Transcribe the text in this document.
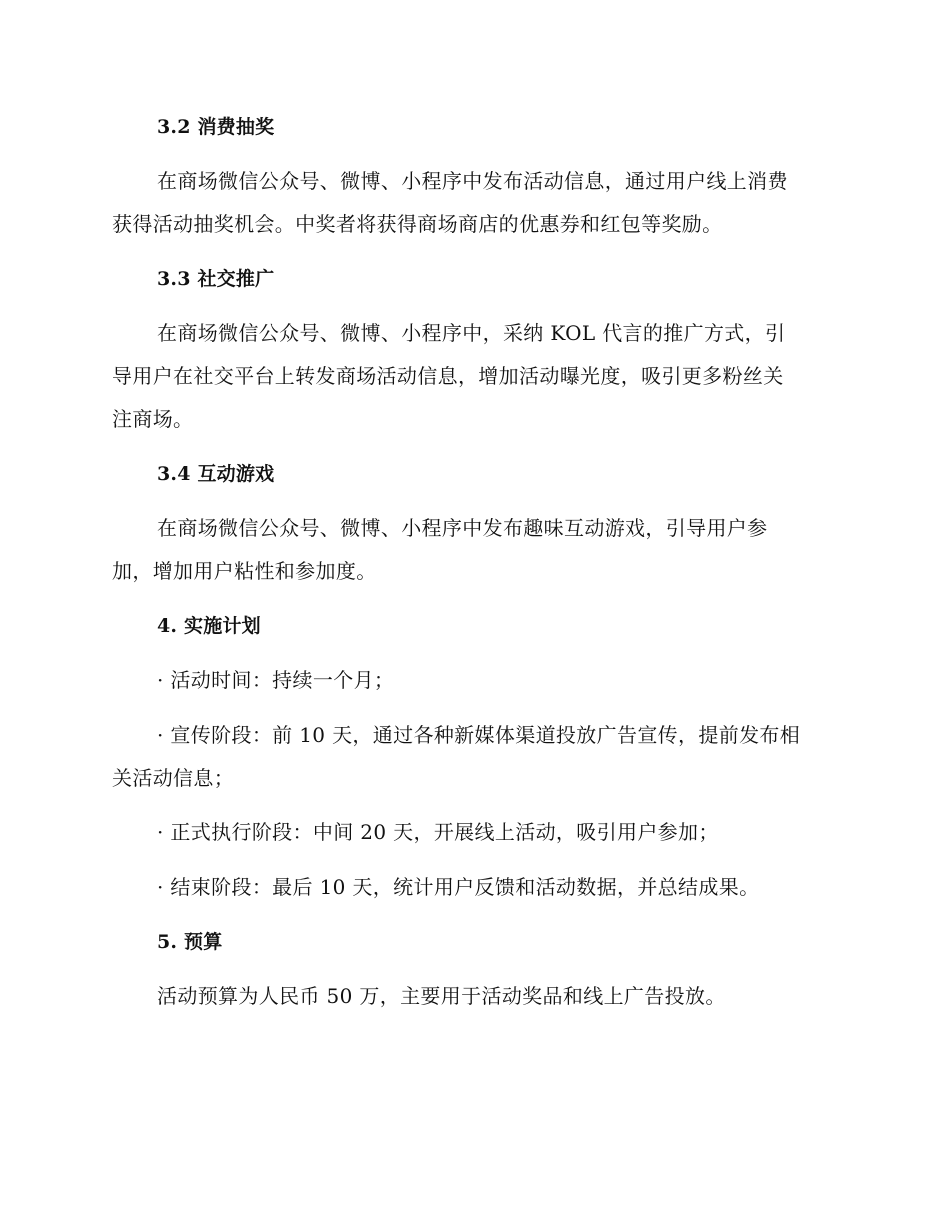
3.2 消费抽奖
在商场微信公众号、微博、小程序中发布活动信息，通过用户线上消费
获得活动抽奖机会。中奖者将获得商场商店的优惠券和红包等奖励。
3.3 社交推广
在商场微信公众号、微博、小程序中，采纳 KOL 代言的推广方式，引
导用户在社交平台上转发商场活动信息，增加活动曝光度，吸引更多粉丝关
注商场。
3.4 互动游戏
在商场微信公众号、微博、小程序中发布趣味互动游戏，引导用户参
加，增加用户粘性和参加度。
4. 实施计划
· 活动时间：持续一个月；
· 宣传阶段：前 10 天，通过各种新媒体渠道投放广告宣传，提前发布相
关活动信息；
· 正式执行阶段：中间 20 天，开展线上活动，吸引用户参加；
· 结束阶段：最后 10 天，统计用户反馈和活动数据，并总结成果。
5. 预算
活动预算为人民币 50 万，主要用于活动奖品和线上广告投放。
